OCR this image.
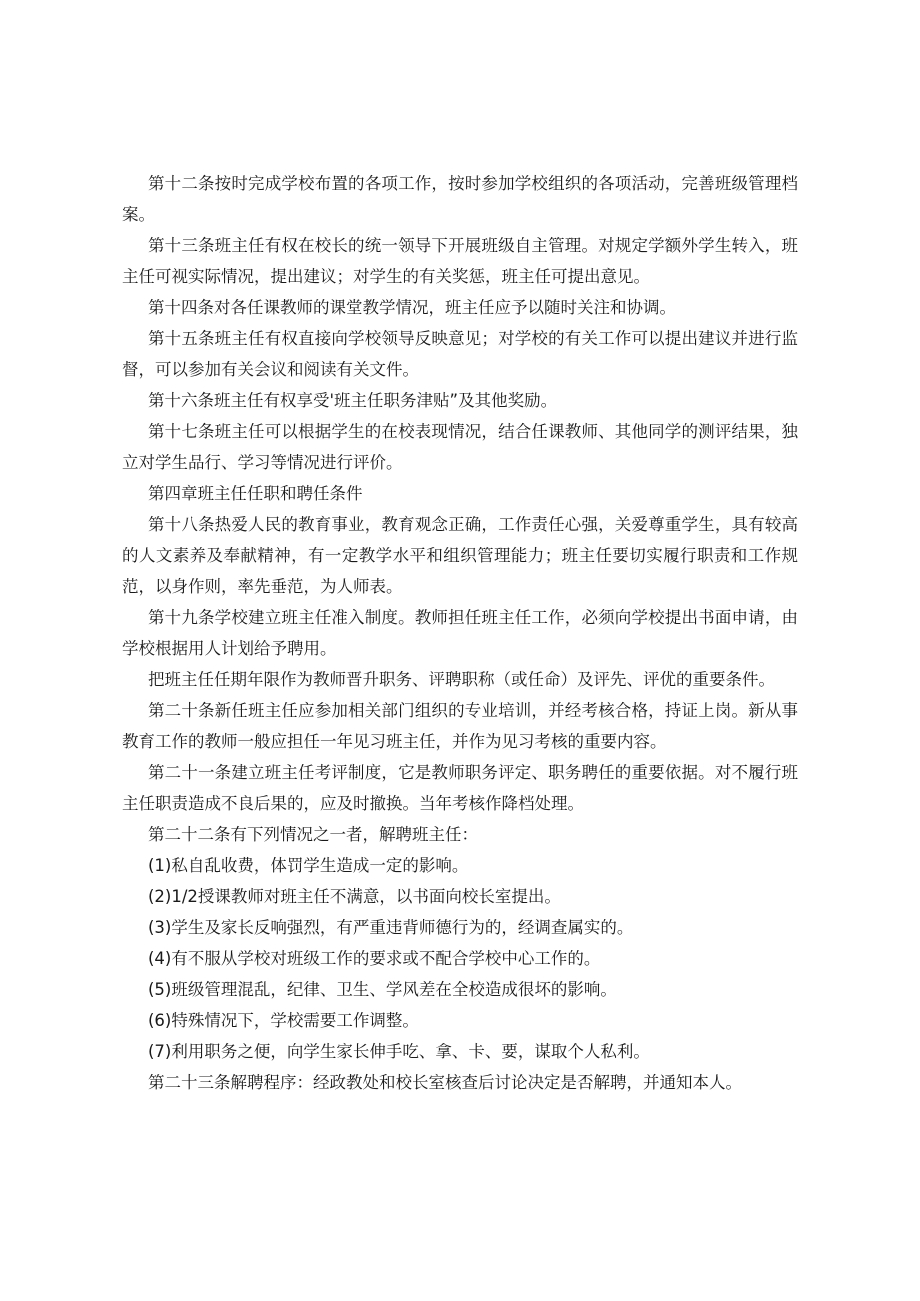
第十二条按时完成学校布置的各项工作，按时参加学校组织的各项活动，完善班级管理档案。

第十三条班主任有权在校长的统一领导下开展班级自主管理。对规定学额外学生转入，班主任可视实际情况，提出建议；对学生的有关奖惩，班主任可提出意见。

第十四条对各任课教师的课堂教学情况，班主任应予以随时关注和协调。

第十五条班主任有权直接向学校领导反映意见；对学校的有关工作可以提出建议并进行监督，可以参加有关会议和阅读有关文件。

第十六条班主任有权享受'班主任职务津贴”及其他奖励。

第十七条班主任可以根据学生的在校表现情况，结合任课教师、其他同学的测评结果，独立对学生品行、学习等情况进行评价。

第四章班主任任职和聘任条件

第十八条热爱人民的教育事业，教育观念正确，工作责任心强，关爱尊重学生，具有较高的人文素养及奉献精神，有一定教学水平和组织管理能力；班主任要切实履行职责和工作规范，以身作则，率先垂范，为人师表。

第十九条学校建立班主任准入制度。教师担任班主任工作，必须向学校提出书面申请，由学校根据用人计划给予聘用。

把班主任任期年限作为教师晋升职务、评聘职称（或任命）及评先、评优的重要条件。

第二十条新任班主任应参加相关部门组织的专业培训，并经考核合格，持证上岗。新从事教育工作的教师一般应担任一年见习班主任，并作为见习考核的重要内容。

第二十一条建立班主任考评制度，它是教师职务评定、职务聘任的重要依据。对不履行班主任职责造成不良后果的，应及时撤换。当年考核作降档处理。

第二十二条有下列情况之一者，解聘班主任：

(1)私自乱收费，体罚学生造成一定的影响。

(2)1/2授课教师对班主任不满意，以书面向校长室提出。

(3)学生及家长反响强烈，有严重违背师德行为的，经调查属实的。

(4)有不服从学校对班级工作的要求或不配合学校中心工作的。

(5)班级管理混乱，纪律、卫生、学风差在全校造成很坏的影响。

(6)特殊情况下，学校需要工作调整。

(7)利用职务之便，向学生家长伸手吃、拿、卡、要，谋取个人私利。

第二十三条解聘程序：经政教处和校长室核查后讨论决定是否解聘，并通知本人。
